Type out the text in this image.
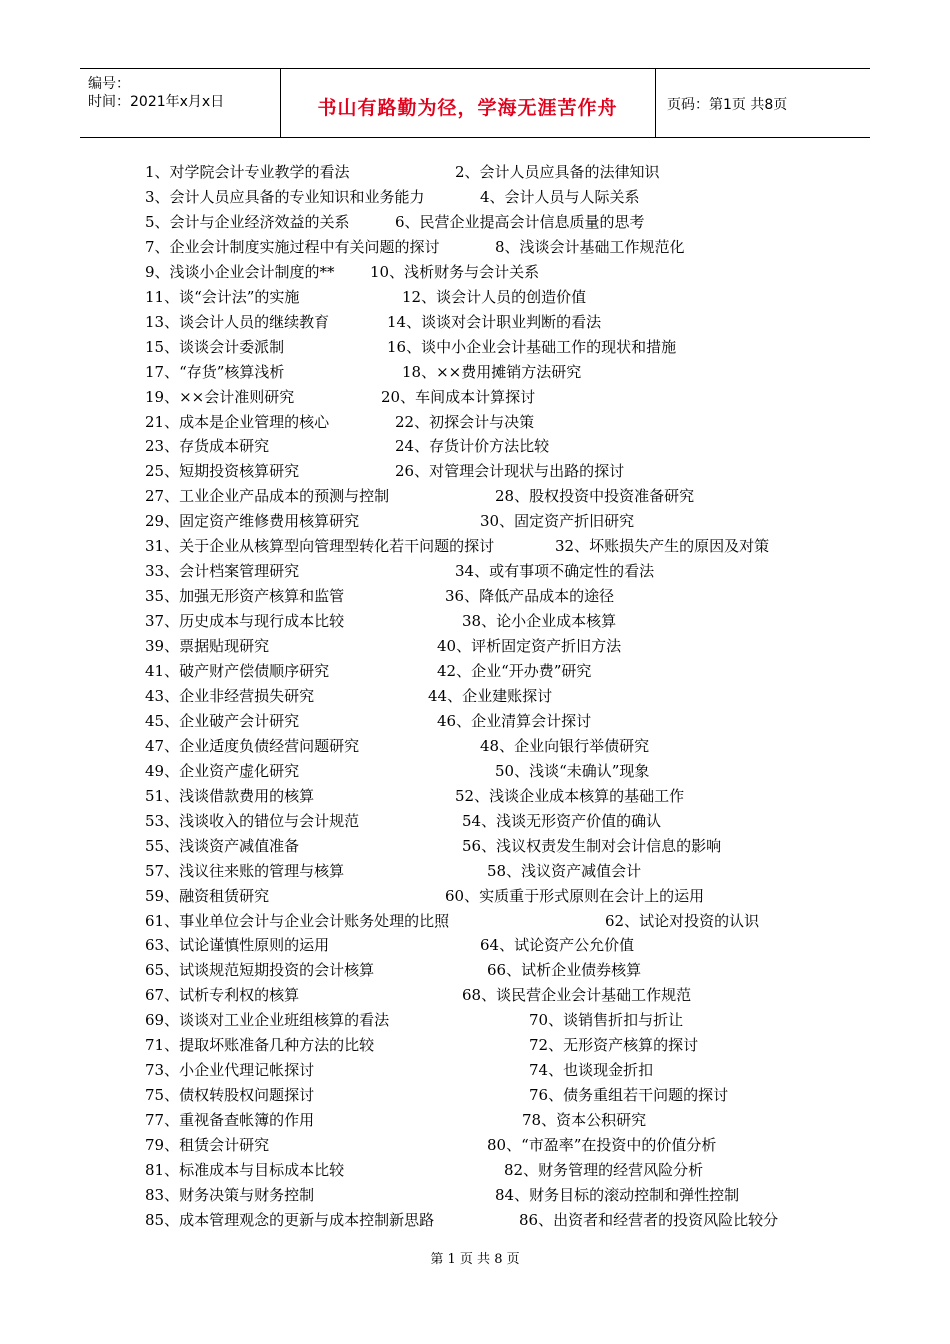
编号：
时间：2021年x月x日	书山有路勤为径，学海无涯苦作舟	页码：第1页 共8页
1、对学院会计专业教学的看法	2、会计人员应具备的法律知识
3、会计人员应具备的专业知识和业务能力	4、会计人员与人际关系
5、会计与企业经济效益的关系	6、民营企业提高会计信息质量的思考
7、企业会计制度实施过程中有关问题的探讨	8、浅谈会计基础工作规范化
9、浅谈小企业会计制度的** 10、浅析财务与会计关系
11、谈“会计法”的实施	12、谈会计人员的创造价值
13、谈会计人员的继续教育	14、谈谈对会计职业判断的看法
15、谈谈会计委派制	16、谈中小企业会计基础工作的现状和措施
17、“存货”核算浅析	18、××费用摊销方法研究
19、××会计准则研究	20、车间成本计算探讨
21、成本是企业管理的核心	22、初探会计与决策
23、存货成本研究	24、存货计价方法比较
25、短期投资核算研究	26、对管理会计现状与出路的探讨
27、工业企业产品成本的预测与控制	28、股权投资中投资准备研究
29、固定资产维修费用核算研究	30、固定资产折旧研究
31、关于企业从核算型向管理型转化若干问题的探讨	32、坏账损失产生的原因及对策
33、会计档案管理研究	34、或有事项不确定性的看法
35、加强无形资产核算和监管	36、降低产品成本的途径
37、历史成本与现行成本比较	38、论小企业成本核算
39、票据贴现研究	40、评析固定资产折旧方法
41、破产财产偿债顺序研究	42、企业“开办费”研究
43、企业非经营损失研究	44、企业建账探讨
45、企业破产会计研究	46、企业清算会计探讨
47、企业适度负债经营问题研究	48、企业向银行举债研究
49、企业资产虚化研究	50、浅谈“未确认”现象
51、浅谈借款费用的核算	52、浅谈企业成本核算的基础工作
53、浅谈收入的错位与会计规范	54、浅谈无形资产价值的确认
55、浅谈资产减值准备	56、浅议权责发生制对会计信息的影响
57、浅议往来账的管理与核算	58、浅议资产减值会计
59、融资租赁研究	60、实质重于形式原则在会计上的运用
61、事业单位会计与企业会计账务处理的比照	62、试论对投资的认识
63、试论谨慎性原则的运用	64、试论资产公允价值
65、试谈规范短期投资的会计核算	66、试析企业债券核算
67、试析专利权的核算	68、谈民营企业会计基础工作规范
69、谈谈对工业企业班组核算的看法	70、谈销售折扣与折让
71、提取坏账准备几种方法的比较	72、无形资产核算的探讨
73、小企业代理记帐探讨	74、也谈现金折扣
75、债权转股权问题探讨	76、债务重组若干问题的探讨
77、重视备查帐簿的作用	78、资本公积研究
79、租赁会计研究	80、“市盈率”在投资中的价值分析
81、标准成本与目标成本比较	82、财务管理的经营风险分析
83、财务决策与财务控制	84、财务目标的滚动控制和弹性控制
85、成本管理观念的更新与成本控制新思路	86、出资者和经营者的投资风险比较分
第 1 页 共 8 页
